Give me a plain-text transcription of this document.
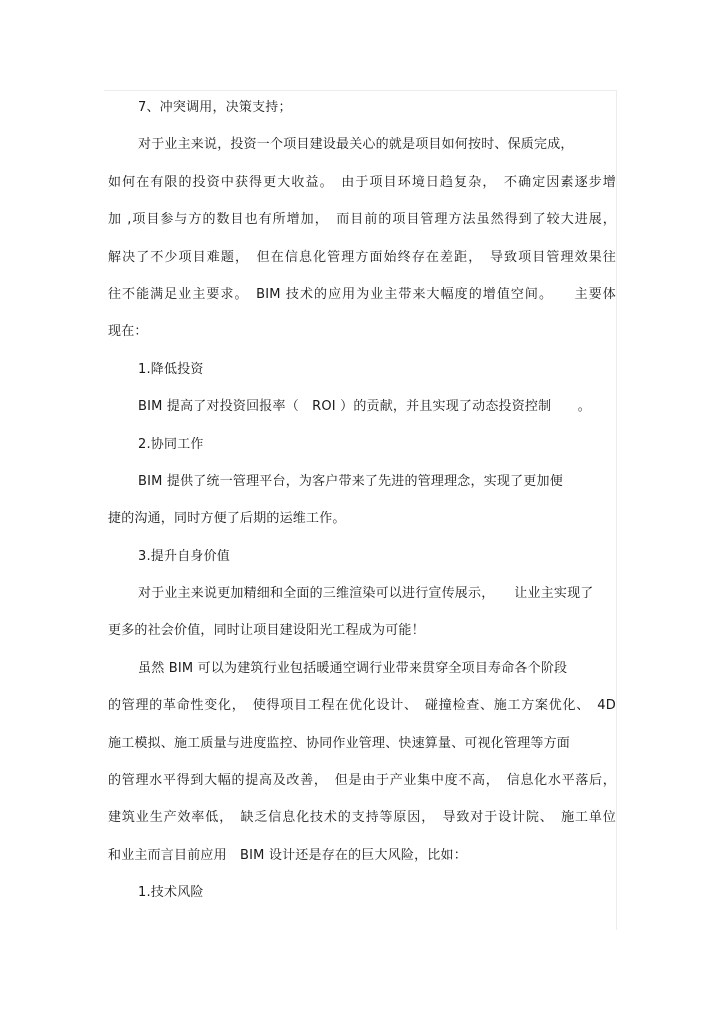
7、冲突调用，决策支持；
对于业主来说，投资一个项目建设最关心的就是项目如何按时、保质完成，
如何在有限的投资中获得更大收益。　由于项目环境日趋复杂，　不确定因素逐步增
加 ,项目参与方的数目也有所增加，　而目前的项目管理方法虽然得到了较大进展，
解决了不少项目难题，　但在信息化管理方面始终存在差距，　导致项目管理效果往
往不能满足业主要求。　BIM 技术的应用为业主带来大幅度的增值空间。　　主要体
现在：
1.降低投资
BIM 提高了对投资回报率（　ROI ）的贡献，并且实现了动态投资控制　　。
2.协同工作
BIM 提供了统一管理平台，为客户带来了先进的管理理念，实现了更加便
捷的沟通，同时方便了后期的运维工作。
3.提升自身价值
对于业主来说更加精细和全面的三维渲染可以进行宣传展示，　　让业主实现了
更多的社会价值，同时让项目建设阳光工程成为可能！
虽然 BIM 可以为建筑行业包括暖通空调行业带来贯穿全项目寿命各个阶段
的管理的革命性变化，　使得项目工程在优化设计、　碰撞检查、施工方案优化、　4D
施工模拟、施工质量与进度监控、协同作业管理、快速算量、可视化管理等方面
的管理水平得到大幅的提高及改善，　但是由于产业集中度不高，　信息化水平落后，
建筑业生产效率低，　缺乏信息化技术的支持等原因，　导致对于设计院、　施工单位
和业主而言目前应用　BIM 设计还是存在的巨大风险，比如：
1.技术风险
